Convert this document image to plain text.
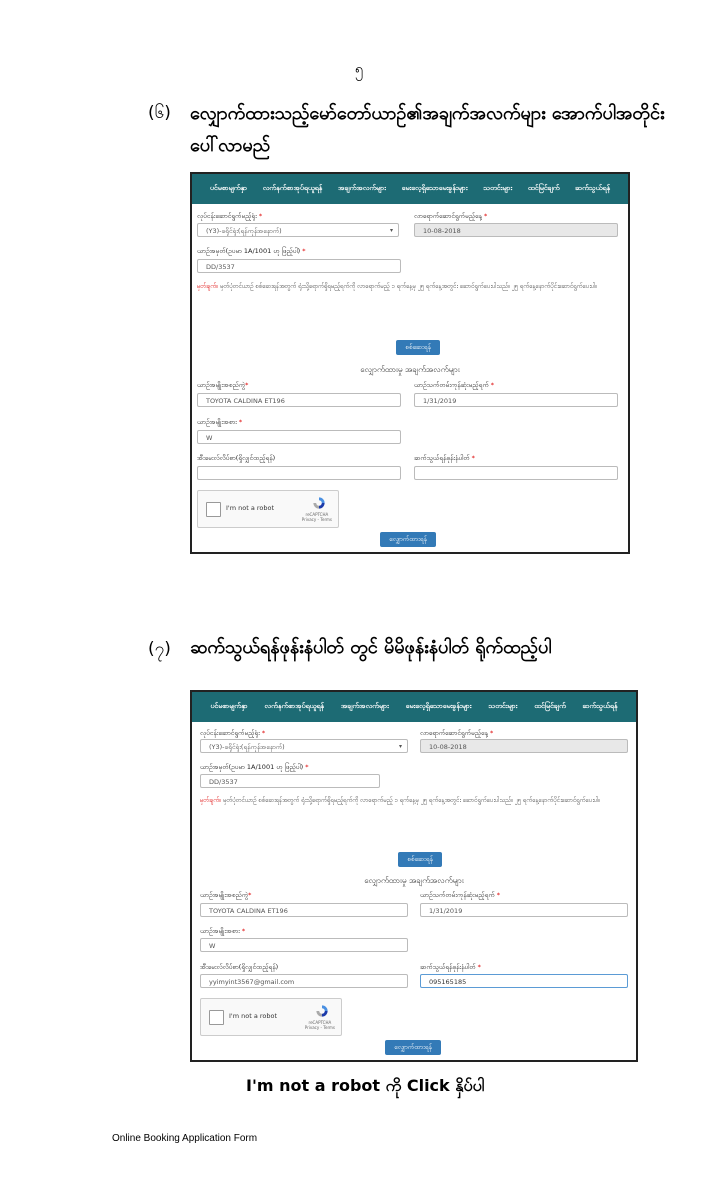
၅
(၆) လျှောက်ထားသည့်မော်တော်ယာဉ်၏အချက်အလက်များ အောက်ပါအတိုင်း
ပေါ်လာမည်
ပင်မစာမျက်နှာ လက်နက်စာအုပ်ရယူရန် အချက်အလက်များ မေးလေ့ရှိသောမေးခွန်းများ သတင်းများ ထင်မြင်ချက် ဆက်သွယ်ရန်
လုပ်ငန်းဆောင်ရွက်မည့်ရုံး *
(Y3)-ခရိုင်ရုံး(ရန်ကုန်အနောက်)	▾
လာရောက်ဆောင်ရွက်မည့်နေ့ *
10-08-2018
ယာဉ်အမှတ်(ဥပမာ 1A/1001 ဟု ဖြည့်ပါ) *
DD/3537
မှတ်ချက်။ မှတ်ပုံတင်ယာဉ် စစ်ဆေးရန်အတွက် ရုံးသို့ရောက်ရှိရမည့်ရက်ကို လာရောက်မည့် ၁ ရက်နေ့မှ ၂၅ ရက်နေ့အတွင်း ဆောင်ရွက်ပေးပါသည်။ ၂၅ ရက်နေ့နောက်ပိုင်းဆောင်ရွက်ပေးပါ။
စစ်ဆေးရန်
လျှောက်ထားမှု အချက်အလက်များ
ယာဉ်အမျိုးအစည်ကွဲ*
TOYOTA CALDINA ET196
ယာဉ်သက်တမ်းကုန်ဆုံးမည့်ရက် *
1/31/2019
ယာဉ်အမျိုးအစား *
W
အီးမေးလ်လိပ်စာ(ရှိလျှင်ထည့်ရန်)	ဆက်သွယ်ရန်ဖုန်းနံပါတ် *
I'm not a robot
reCAPTCHA
Privacy - Terms
လျှောက်ထားရန်
(၇) ဆက်သွယ်ရန်ဖုန်းနံပါတ် တွင် မိမိဖုန်းနံပါတ် ရိုက်ထည့်ပါ
ပင်မစာမျက်နှာ လက်နက်စာအုပ်ရယူရန် အချက်အလက်များ မေးလေ့ရှိသောမေးခွန်းများ သတင်းများ ထင်မြင်ချက် ဆက်သွယ်ရန်
လုပ်ငန်းဆောင်ရွက်မည့်ရုံး *
(Y3)-ခရိုင်ရုံး(ရန်ကုန်အနောက်)	▾
လာရောက်ဆောင်ရွက်မည့်နေ့ *
10-08-2018
ယာဉ်အမှတ်(ဥပမာ 1A/1001 ဟု ဖြည့်ပါ) *
DD/3537
မှတ်ချက်။ မှတ်ပုံတင်ယာဉ် စစ်ဆေးရန်အတွက် ရုံးသို့ရောက်ရှိရမည့်ရက်ကို လာရောက်မည့် ၁ ရက်နေ့မှ ၂၅ ရက်နေ့အတွင်း ဆောင်ရွက်ပေးပါသည်။ ၂၅ ရက်နေ့နောက်ပိုင်းဆောင်ရွက်ပေးပါ။
စစ်ဆေးရန်
လျှောက်ထားမှု အချက်အလက်များ
ယာဉ်အမျိုးအစည်ကွဲ*
TOYOTA CALDINA ET196
ယာဉ်သက်တမ်းကုန်ဆုံးမည့်ရက် *
1/31/2019
ယာဉ်အမျိုးအစား *
W
အီးမေးလ်လိပ်စာ(ရှိလျှင်ထည့်ရန်)
yyimyint3567@gmail.com
ဆက်သွယ်ရန်ဖုန်းနံပါတ် *
095165185
I'm not a robot
reCAPTCHA
Privacy - Terms
လျှောက်ထားရန်
I'm not a robot ကို Click နှိပ်ပါ
Online Booking Application Form
